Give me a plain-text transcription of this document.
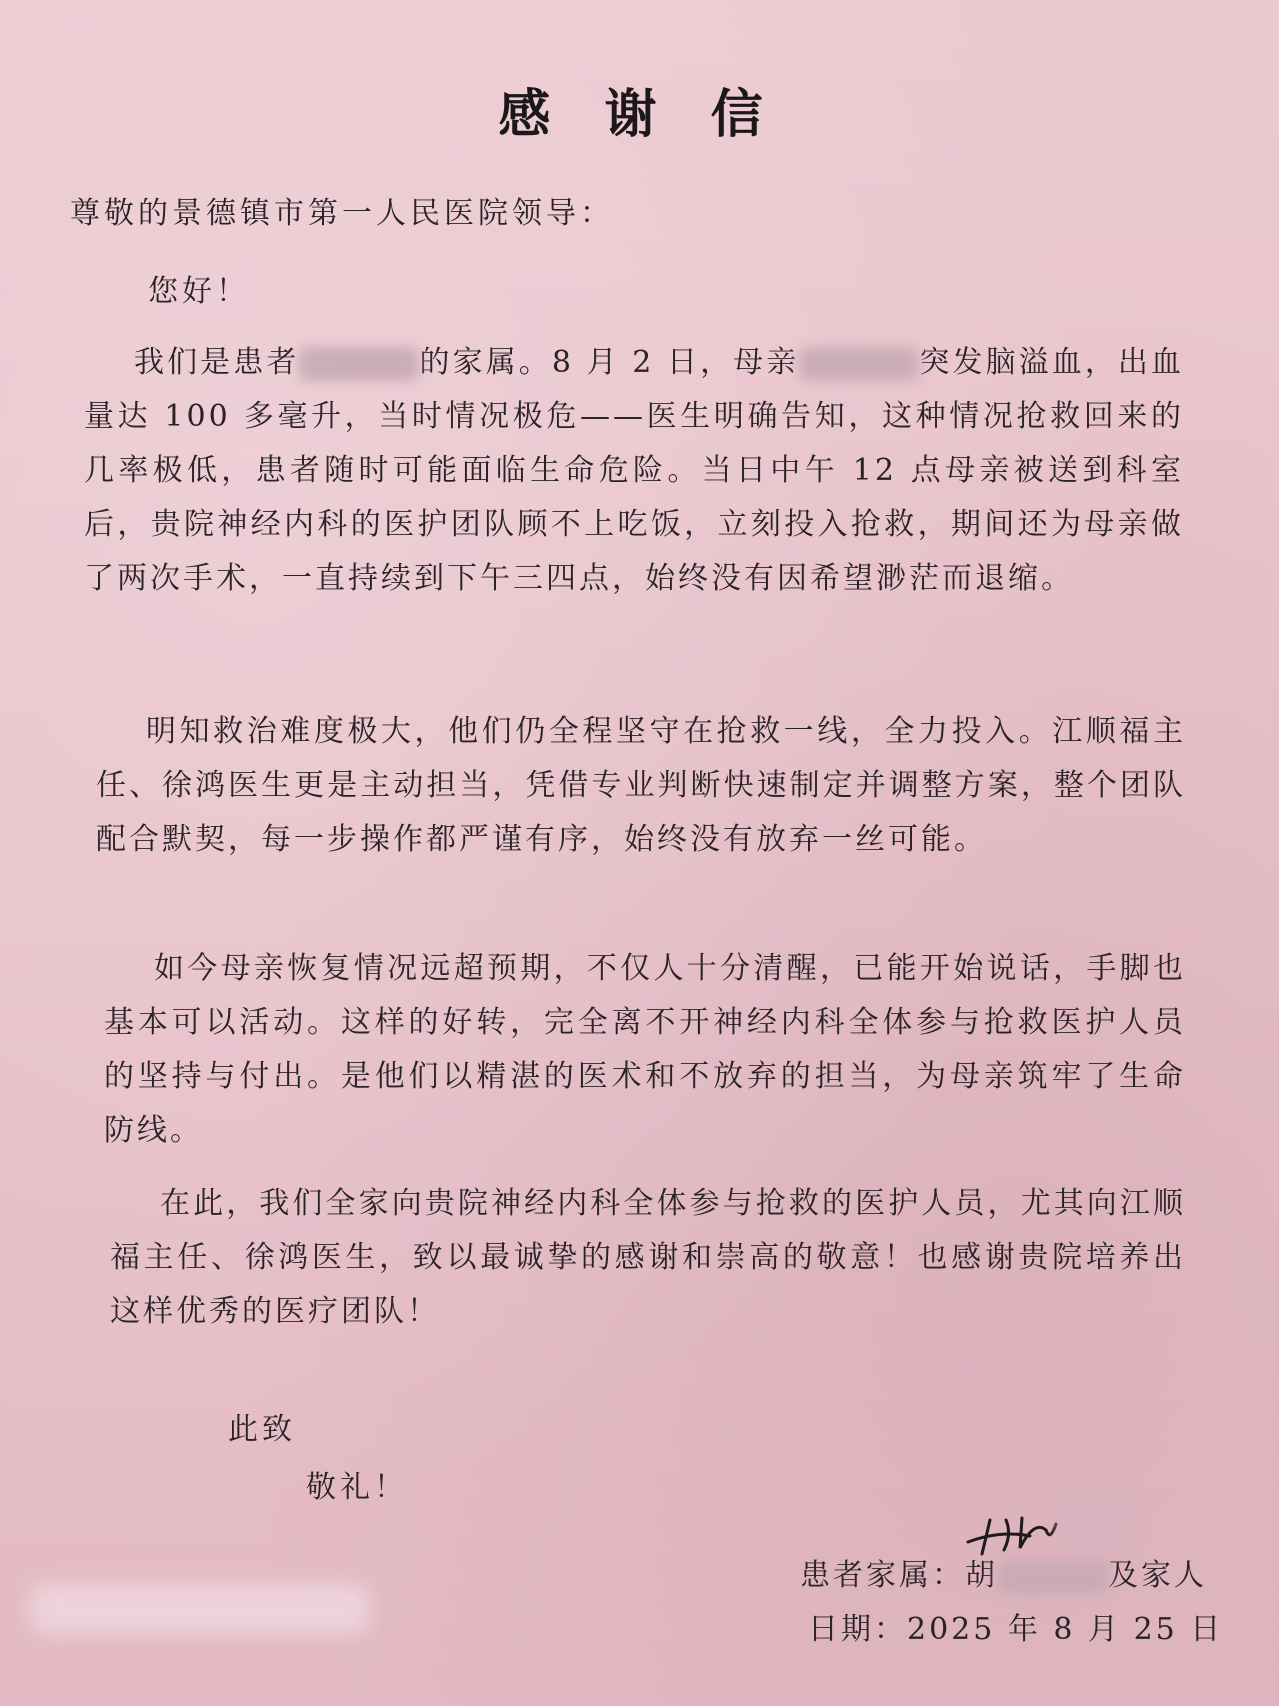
感 谢 信
尊敬的景德镇市第一人民医院领导：
您好！
我们是患者	的家属。8 月 2 日，母亲	突发脑溢血，出血量达 100 多毫升，当时情况极危——医生明确告知，这种情况抢救回来的几率极低，患者随时可能面临生命危险。当日中午 12 点母亲被送到科室后，贵院神经内科的医护团队顾不上吃饭，立刻投入抢救，期间还为母亲做了两次手术，一直持续到下午三四点，始终没有因希望渺茫而退缩。
明知救治难度极大，他们仍全程坚守在抢救一线，全力投入。江顺福主任、徐鸿医生更是主动担当，凭借专业判断快速制定并调整方案，整个团队配合默契，每一步操作都严谨有序，始终没有放弃一丝可能。
如今母亲恢复情况远超预期，不仅人十分清醒，已能开始说话，手脚也基本可以活动。这样的好转，完全离不开神经内科全体参与抢救医护人员的坚持与付出。是他们以精湛的医术和不放弃的担当，为母亲筑牢了生命防线。
在此，我们全家向贵院神经内科全体参与抢救的医护人员，尤其向江顺福主任、徐鸿医生，致以最诚挚的感谢和崇高的敬意！也感谢贵院培养出这样优秀的医疗团队！
此致
敬礼！
患者家属：胡	及家人
日期：2025 年 8 月 25 日
